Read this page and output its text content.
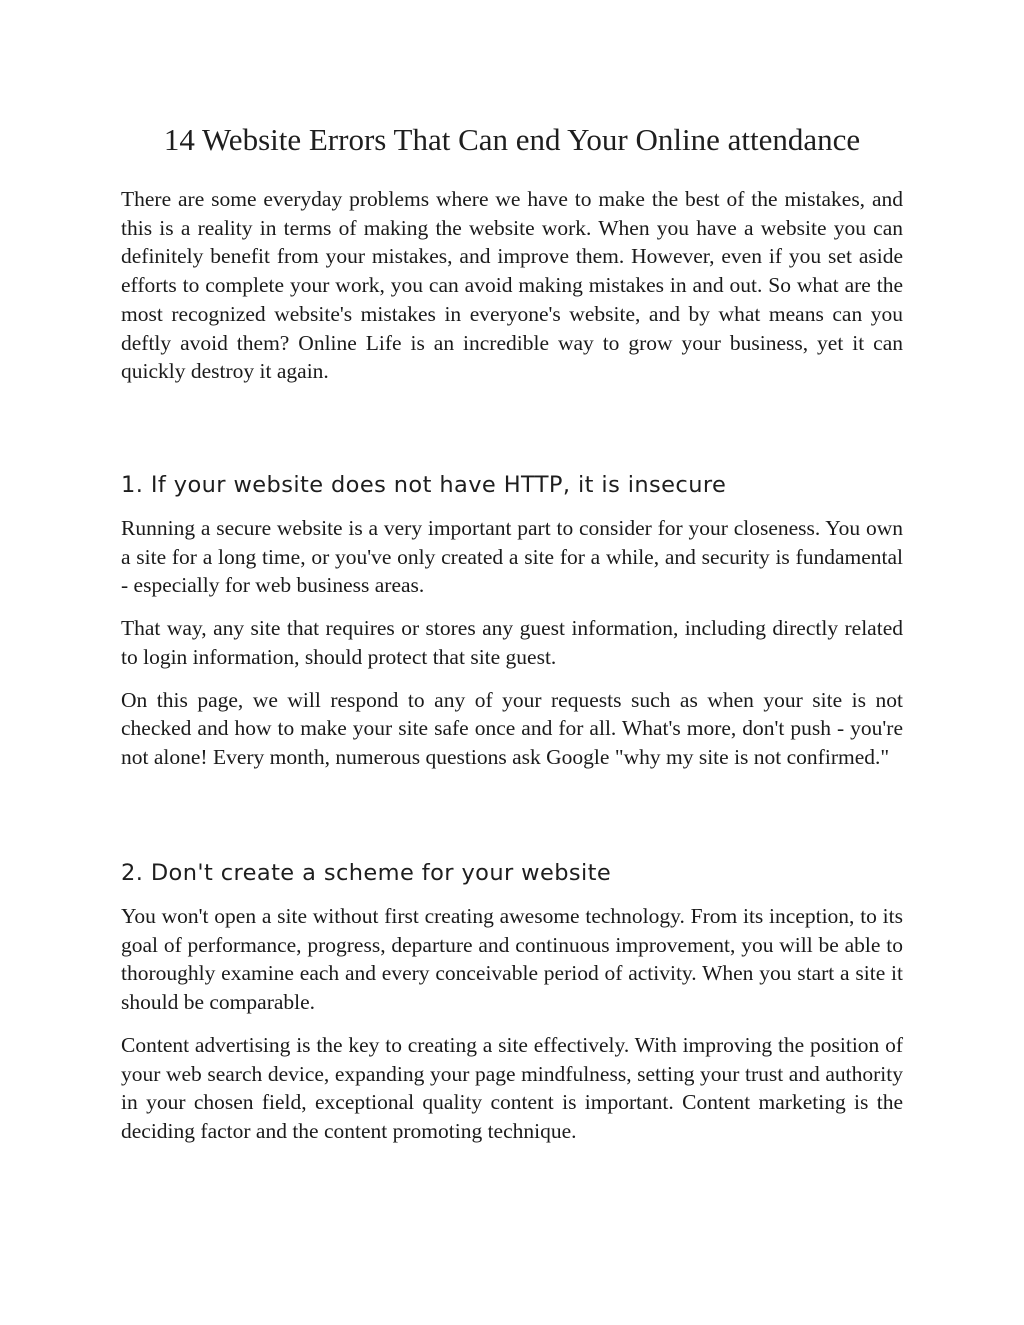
14 Website Errors That Can end Your Online attendance

There are some everyday problems where we have to make the best of the mistakes, and this is a reality in terms of making the website work. When you have a website you can definitely benefit from your mistakes, and improve them. However, even if you set aside efforts to complete your work, you can avoid making mistakes in and out. So what are the most recognized website's mistakes in everyone's website, and by what means can you deftly avoid them? Online Life is an incredible way to grow your business, yet it can quickly destroy it again.

1. If your website does not have HTTP, it is insecure

Running a secure website is a very important part to consider for your closeness. You own a site for a long time, or you've only created a site for a while, and security is fundamental - especially for web business areas.

That way, any site that requires or stores any guest information, including directly related to login information, should protect that site guest.

On this page, we will respond to any of your requests such as when your site is not checked and how to make your site safe once and for all. What's more, don't push - you're not alone! Every month, numerous questions ask Google "why my site is not confirmed."

2. Don't create a scheme for your website

You won't open a site without first creating awesome technology. From its inception, to its goal of performance, progress, departure and continuous improvement, you will be able to thoroughly examine each and every conceivable period of activity. When you start a site it should be comparable.

Content advertising is the key to creating a site effectively. With improving the position of your web search device, expanding your page mindfulness, setting your trust and authority in your chosen field, exceptional quality content is important. Content marketing is the deciding factor and the content promoting technique.
